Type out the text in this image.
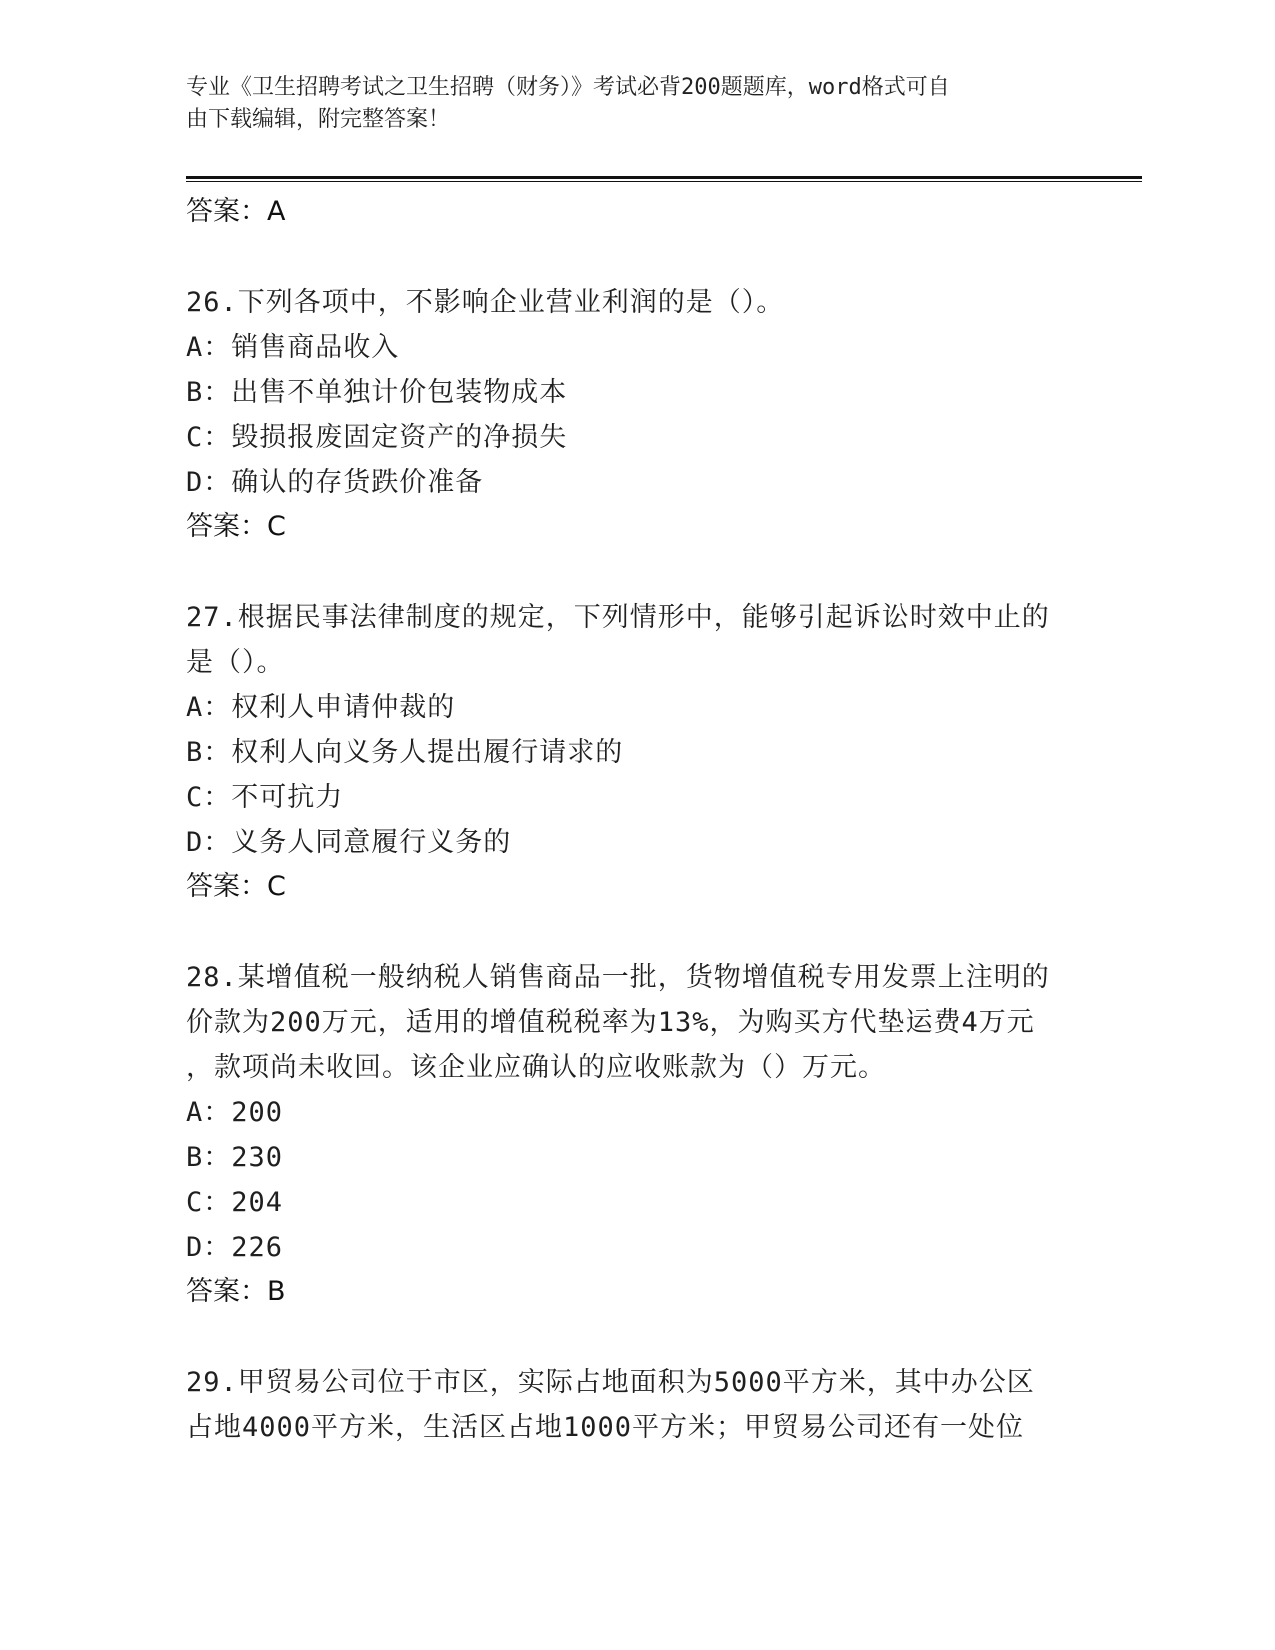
专业《卫生招聘考试之卫生招聘（财务）》考试必背200题题库，word格式可自
由下载编辑，附完整答案！

答案：A

26.下列各项中，不影响企业营业利润的是（）。

A：销售商品收入

B：出售不单独计价包装物成本

C：毁损报废固定资产的净损失

D：确认的存货跌价准备

答案：C

27.根据民事法律制度的规定，下列情形中，能够引起诉讼时效中止的

是（）。

A：权利人申请仲裁的

B：权利人向义务人提出履行请求的

C：不可抗力

D：义务人同意履行义务的

答案：C

28.某增值税一般纳税人销售商品一批，货物增值税专用发票上注明的

价款为200万元，适用的增值税税率为13%，为购买方代垫运费4万元

，款项尚未收回。该企业应确认的应收账款为（）万元。

A：200

B：230

C：204

D：226

答案：B

29.甲贸易公司位于市区，实际占地面积为5000平方米，其中办公区

占地4000平方米，生活区占地1000平方米；甲贸易公司还有一处位
